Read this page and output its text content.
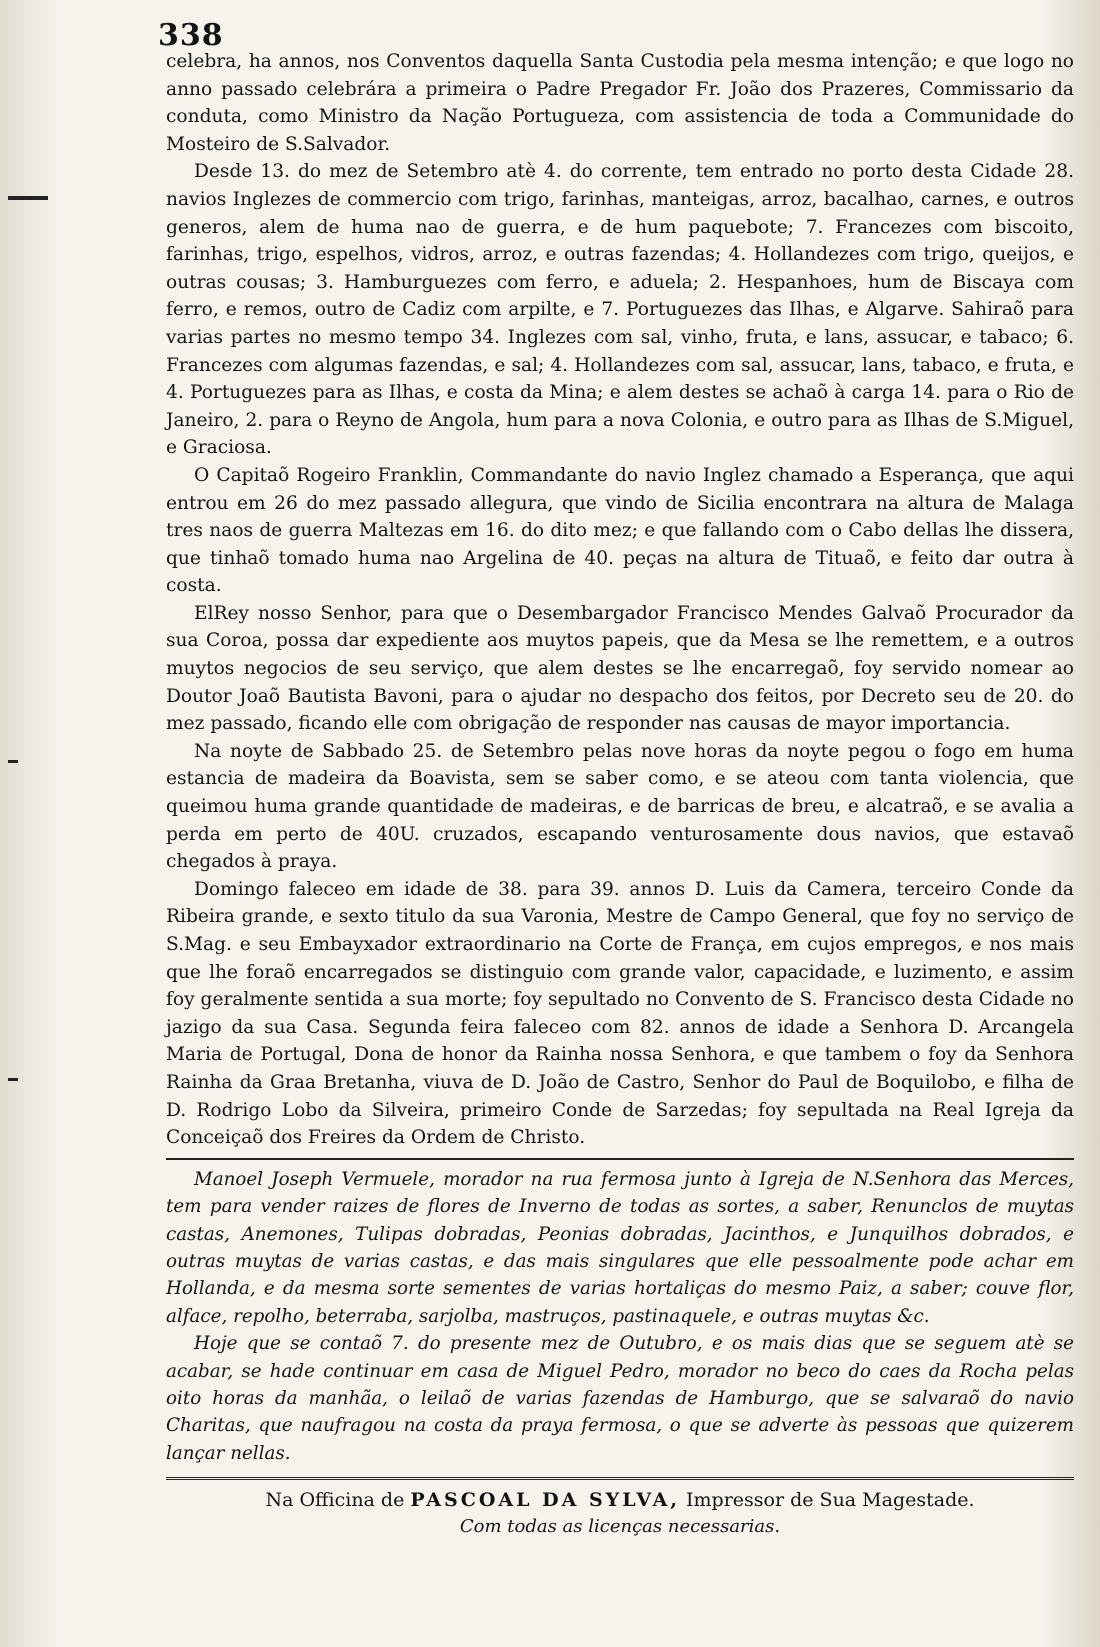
338

celebra, ha annos, nos Conventos daquella Santa Custodia pela mesma intenção; e que logo no anno passado celebrára a primeira o Padre Pregador Fr. João dos Prazeres, Commissario da conduta, como Ministro da Nação Portugueza, com assistencia de toda a Communidade do Mosteiro de S.Salvador.

Desde 13. do mez de Setembro atè 4. do corrente, tem entrado no porto desta Cidade 28. navios Inglezes de commercio com trigo, farinhas, manteigas, arroz, bacalhao, carnes, e outros generos, alem de huma nao de guerra, e de hum paquebote; 7. Francezes com biscoito, farinhas, trigo, espelhos, vidros, arroz, e outras fazendas; 4. Hollandezes com trigo, queijos, e outras cousas; 3. Hamburguezes com ferro, e aduela; 2. Hespanhoes, hum de Biscaya com ferro, e remos, outro de Cadiz com arpilte, e 7. Portuguezes das Ilhas, e Algarve. Sahiraõ para varias partes no mesmo tempo 34. Inglezes com sal, vinho, fruta, e lans, assucar, e tabaco; 6. Francezes com algumas fazendas, e sal; 4. Hollandezes com sal, assucar, lans, tabaco, e fruta, e 4. Portuguezes para as Ilhas, e costa da Mina; e alem destes se achaõ à carga 14. para o Rio de Janeiro, 2. para o Reyno de Angola, hum para a nova Colonia, e outro para as Ilhas de S.Miguel, e Graciosa.

O Capitaõ Rogeiro Franklin, Commandante do navio Inglez chamado a Esperança, que aqui entrou em 26 do mez passado allegura, que vindo de Sicilia encontrara na altura de Malaga tres naos de guerra Maltezas em 16. do dito mez; e que fallando com o Cabo dellas lhe dissera, que tinhaõ tomado huma nao Argelina de 40. peças na altura de Tituaõ, e feito dar outra à costa.

ElRey nosso Senhor, para que o Desembargador Francisco Mendes Galvaõ Procurador da sua Coroa, possa dar expediente aos muytos papeis, que da Mesa se lhe remettem, e a outros muytos negocios de seu serviço, que alem destes se lhe encarregaõ, foy servido nomear ao Doutor Joaõ Bautista Bavoni, para o ajudar no despacho dos feitos, por Decreto seu de 20. do mez passado, ficando elle com obrigação de responder nas causas de mayor importancia.

Na noyte de Sabbado 25. de Setembro pelas nove horas da noyte pegou o fogo em huma estancia de madeira da Boavista, sem se saber como, e se ateou com tanta violencia, que queimou huma grande quantidade de madeiras, e de barricas de breu, e alcatraõ, e se avalia a perda em perto de 40U. cruzados, escapando venturosamente dous navios, que estavaõ chegados à praya.

Domingo faleceo em idade de 38. para 39. annos D. Luis da Camera, terceiro Conde da Ribeira grande, e sexto titulo da sua Varonia, Mestre de Campo General, que foy no serviço de S.Mag. e seu Embayxador extraordinario na Corte de França, em cujos empregos, e nos mais que lhe foraõ encarregados se distinguio com grande valor, capacidade, e luzimento, e assim foy geralmente sentida a sua morte; foy sepultado no Convento de S. Francisco desta Cidade no jazigo da sua Casa. Segunda feira faleceo com 82. annos de idade a Senhora D. Arcangela Maria de Portugal, Dona de honor da Rainha nossa Senhora, e que tambem o foy da Senhora Rainha da Graa Bretanha, viuva de D. João de Castro, Senhor do Paul de Boquilobo, e filha de D. Rodrigo Lobo da Silveira, primeiro Conde de Sarzedas; foy sepultada na Real Igreja da Conceiçaõ dos Freires da Ordem de Christo.

Manoel Joseph Vermuele, morador na rua fermosa junto à Igreja de N.Senhora das Merces, tem para vender raizes de flores de Inverno de todas as sortes, a saber, Renunclos de muytas castas, Anemones, Tulipas dobradas, Peonias dobradas, Jacinthos, e Junquilhos dobrados, e outras muytas de varias castas, e das mais singulares que elle pessoalmente pode achar em Hollanda, e da mesma sorte sementes de varias hortaliças do mesmo Paiz, a saber; couve flor, alface, repolho, beterraba, sarjolba, mastruços, pastinaquele, e outras muytas &c.

Hoje que se contaõ 7. do presente mez de Outubro, e os mais dias que se seguem atè se acabar, se hade continuar em casa de Miguel Pedro, morador no beco do caes da Rocha pelas oito horas da manhãa, o leilaõ de varias fazendas de Hamburgo, que se salvaraõ do navio Charitas, que naufragou na costa da praya fermosa, o que se adverte às pessoas que quizerem lançar nellas.

Na Officina de PASCOAL DA SYLVA, Impressor de Sua Magestade.
Com todas as licenças necessarias.
